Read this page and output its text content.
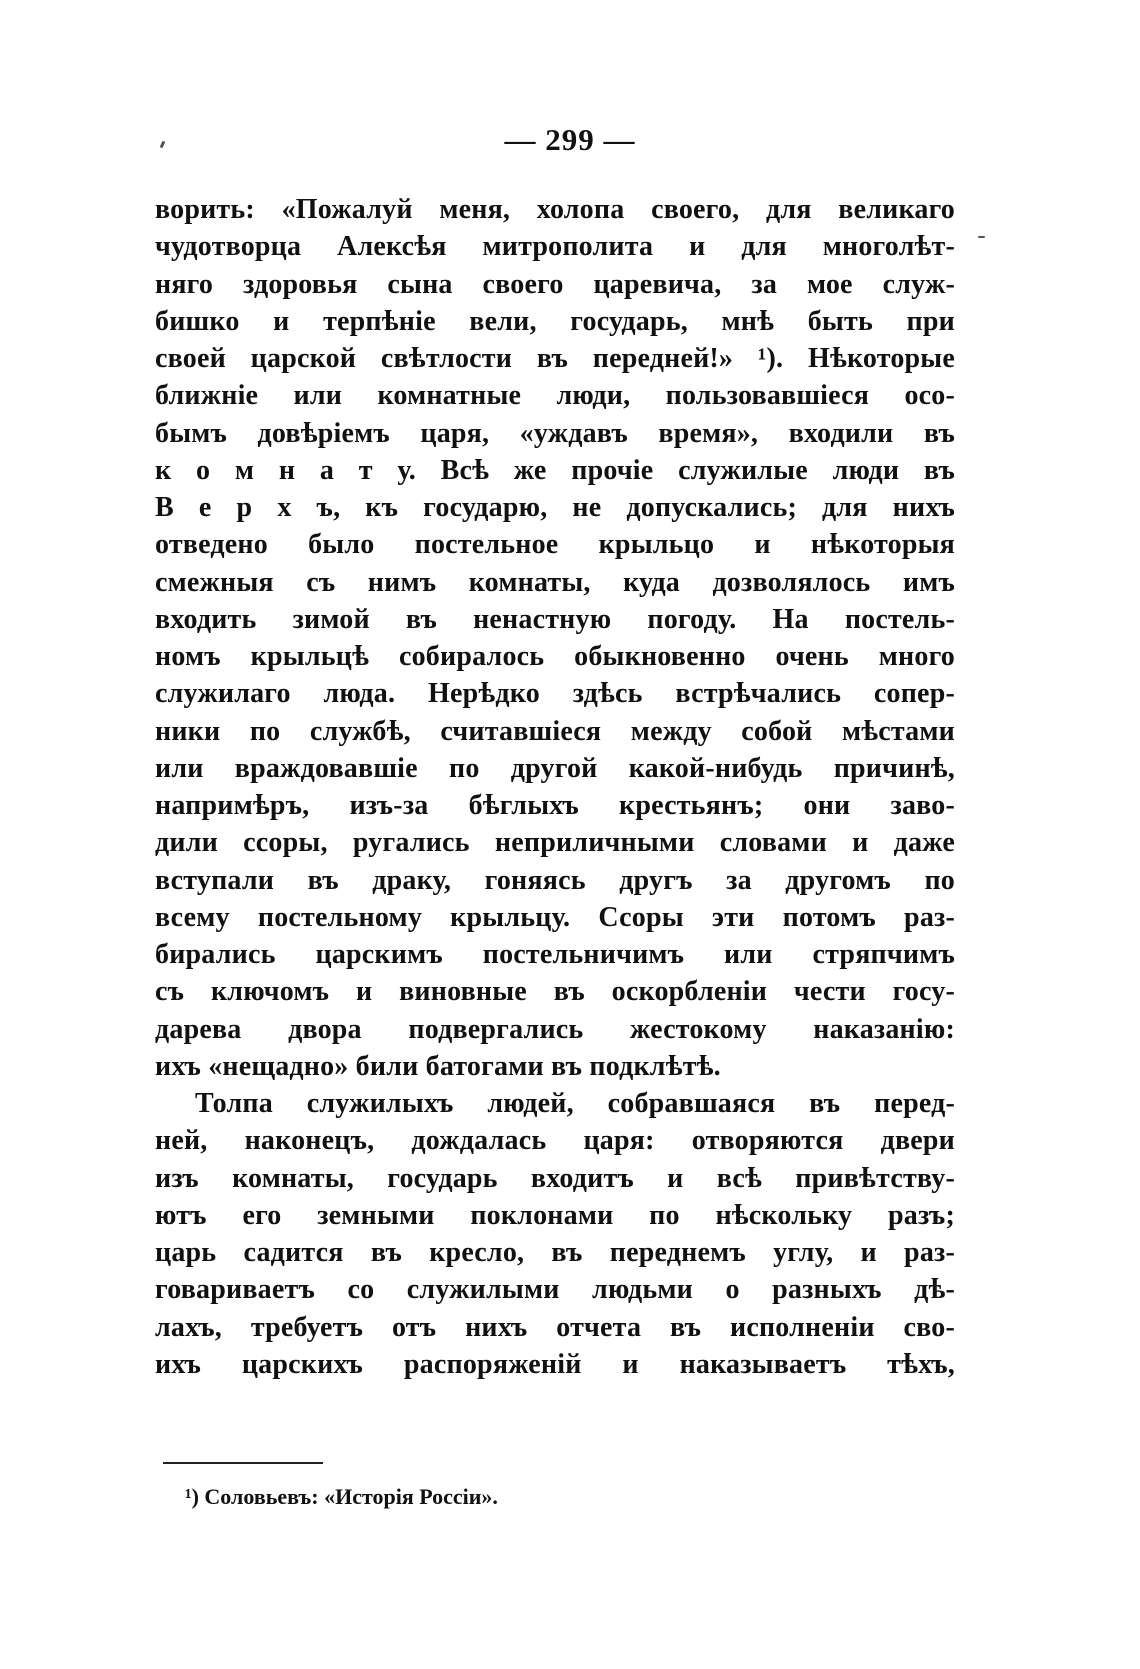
— 299 —
ворить: «Пожалуй меня, холопа своего, для великаго
чудотворца Алексѣя митрополита и для многолѣт-
няго здоровья сына своего царевича, за мое служ-
бишко и терпѣніе вели, государь, мнѣ быть при
своей царской свѣтлости въ передней!» ¹). Нѣкоторые
ближніе или комнатные люди, пользовавшіеся осо-
бымъ довѣріемъ царя, «уждавъ время», входили въ
к о м н а т у. Всѣ же прочіе служилые люди въ
В е р х ъ, къ государю, не допускались; для нихъ
отведено было постельное крыльцо и нѣкоторыя
смежныя съ нимъ комнаты, куда дозволялось имъ
входить зимой въ ненастную погоду. На постель-
номъ крыльцѣ собиралось обыкновенно очень много
служилаго люда. Нерѣдко здѣсь встрѣчались сопер-
ники по службѣ, считавшіеся между собой мѣстами
или враждовавшіе по другой какой-нибудь причинѣ,
напримѣръ, изъ-за бѣглыхъ крестьянъ; они заво-
дили ссоры, ругались неприличными словами и даже
вступали въ драку, гоняясь другъ за другомъ по
всему постельному крыльцу. Ссоры эти потомъ раз-
бирались царскимъ постельничимъ или стряпчимъ
съ ключомъ и виновные въ оскорбленіи чести госу-
дарева двора подвергались жестокому наказанію:
ихъ «нещадно» били батогами въ подклѣтѣ.
Толпа служилыхъ людей, собравшаяся въ перед-
ней, наконецъ, дождалась царя: отворяются двери
изъ комнаты, государь входитъ и всѣ привѣтству-
ютъ его земными поклонами по нѣскольку разъ;
царь садится въ кресло, въ переднемъ углу, и раз-
говариваетъ со служилыми людьми о разныхъ дѣ-
лахъ, требуетъ отъ нихъ отчета въ исполненіи сво-
ихъ царскихъ распоряженій и наказываетъ тѣхъ,
¹) Соловьевъ: «Исторія Россіи».
